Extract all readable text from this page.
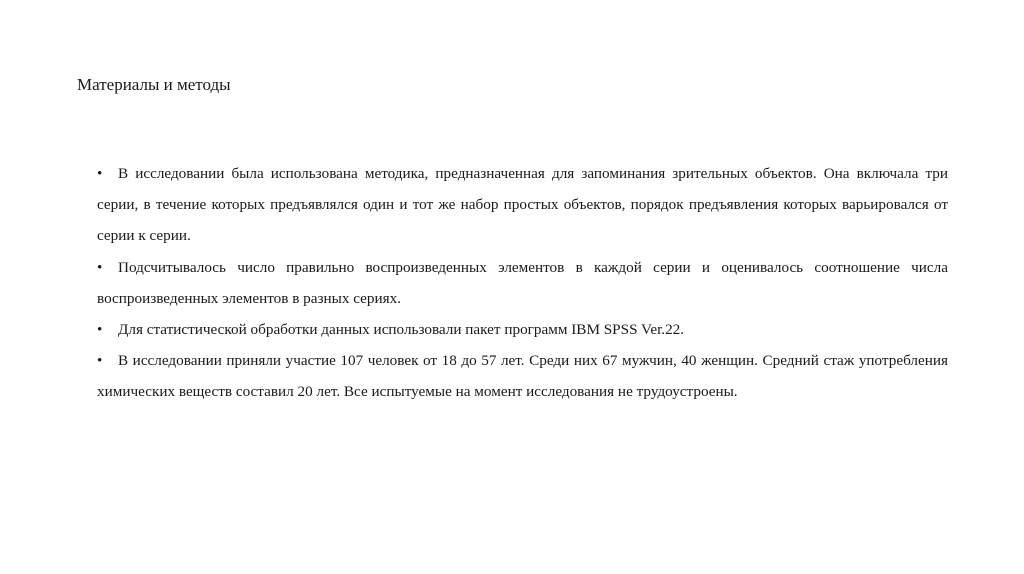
Материалы и методы

• В исследовании была использована методика, предназначенная для запоминания зрительных объектов. Она включала три серии, в течение которых предъявлялся один и тот же набор простых объектов, порядок предъявления которых варьировался от серии к серии.

• Подсчитывалось число правильно воспроизведенных элементов в каждой серии и оценивалось соотношение числа воспроизведенных элементов в разных сериях.

• Для статистической обработки данных использовали пакет программ IBM SPSS Ver.22.

• В исследовании приняли участие 107 человек от 18 до 57 лет. Среди них 67 мужчин, 40 женщин. Средний стаж употребления химических веществ составил 20 лет. Все испытуемые на момент исследования не трудоустроены.
